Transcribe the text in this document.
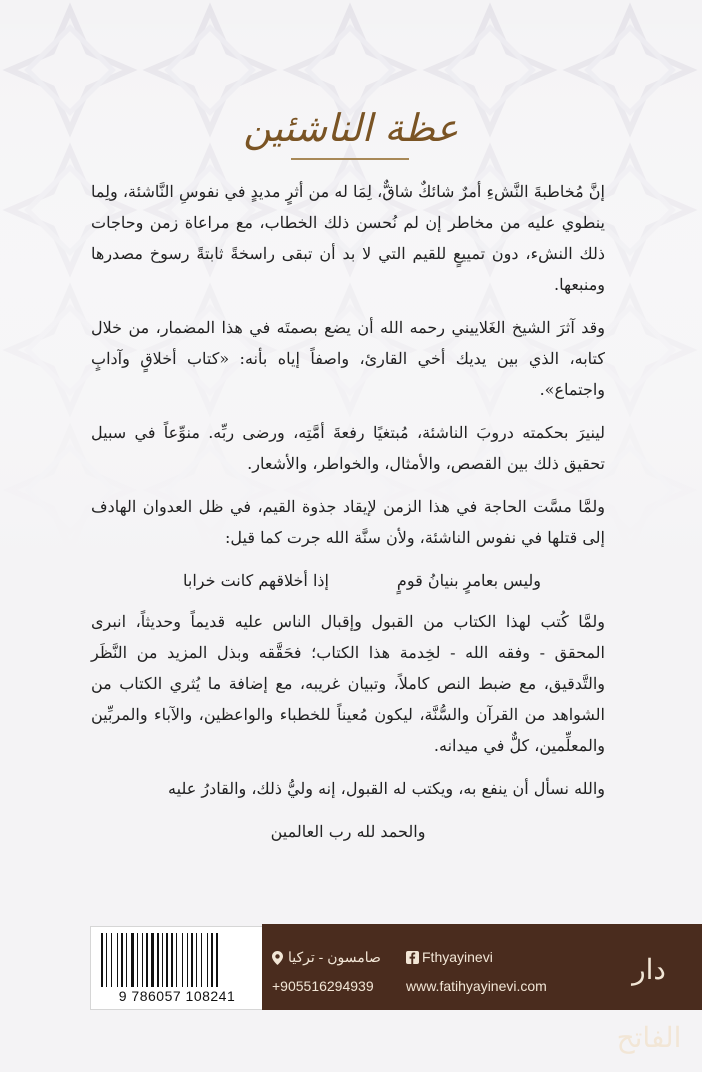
عظة الناشئين

إنَّ مُخاطبةَ النَّشءِ أمرٌ شائكٌ شاقٌّ، لِمَا له من أثرٍ مديدٍ في نفوسِ النَّاشئة، ولِما ينطوي عليه من مخاطر إن لم نُحسن ذلك الخطاب، مع مراعاة زمن وحاجات ذلك النشء، دون تمييعٍ للقيم التي لا بد أن تبقى راسخةً ثابتةً رسوخ مصدرها ومنبعها.

وقد آثرَ الشيخ الغَلاييني رحمه الله أن يضع بصمتَه في هذا المضمار، من خلال كتابه، الذي بين يديك أخي القارئ، واصفاً إياه بأنه: «كتاب أخلاقٍ وآدابٍ واجتماع».

لينيرَ بحكمته دروبَ الناشئة، مُبتغيًا رفعةَ أمَّتِه، ورضى ربِّه. منوِّعاً في سبيل تحقيق ذلك بين القصص، والأمثال، والخواطر، والأشعار.

ولمَّا مسَّت الحاجة في هذا الزمن لإيقاد جذوة القيم، في ظل العدوان الهادف إلى قتلها في نفوس الناشئة، ولأن سنَّة الله جرت كما قيل:

وليس بعامرٍ بنيانُ قومٍ
إذا أخلاقهم كانت خرابا

ولمَّا كُتب لهذا الكتاب من القبول وإقبال الناس عليه قديماً وحديثاً، انبرى المحقق - وفقه الله - لخِدمة هذا الكتاب؛ فحَقَّقه وبذل المزيد من النَّظَر والتَّدقيق، مع ضبط النص كاملاً، وتبيان غريبه، مع إضافة ما يُثري الكتاب من الشواهد من القرآن والسُّنَّة، ليكون مُعيناً للخطباء والواعظين، والآباء والمربِّين والمعلِّمين، كلٌّ في ميدانه.

والله نسأل أن ينفع به، ويكتب له القبول، إنه وليُّ ذلك، والقادرُ عليه

والحمد لله رب العالمين

9 786057 108241
Fthyayinevi
صامسون - تركيا
www.fatihyayinevi.com
+905516294939	دار الفاتح
